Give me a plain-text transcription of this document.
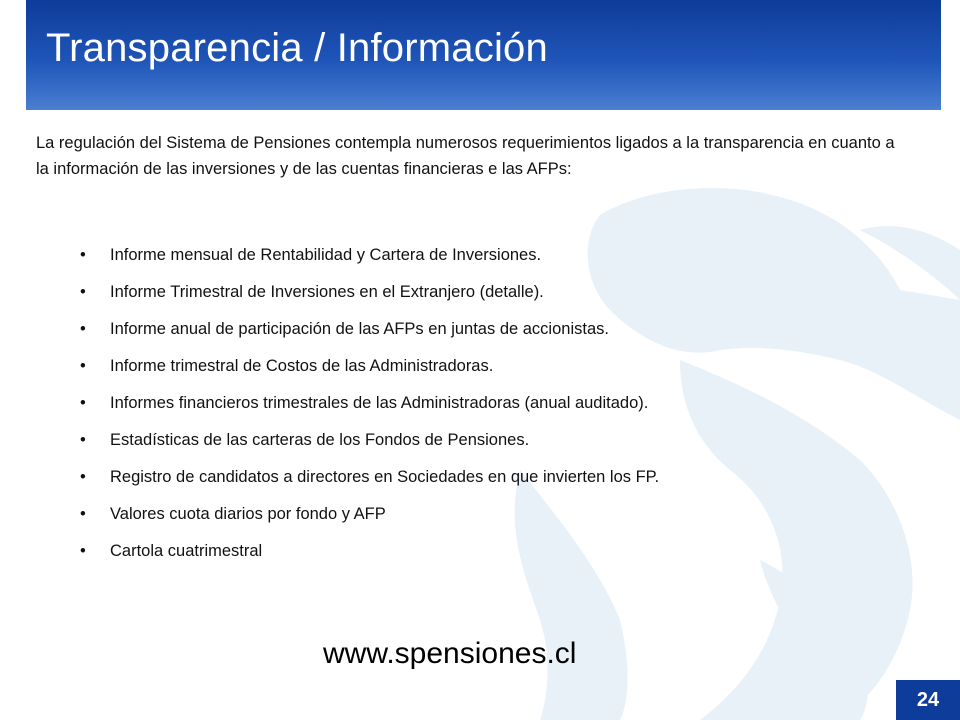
Transparencia / Información
La regulación del Sistema de Pensiones contempla numerosos requerimientos ligados a la transparencia en cuanto a la información de las inversiones y de las cuentas financieras e las AFPs:
• Informe mensual de Rentabilidad y Cartera de Inversiones.
• Informe Trimestral de Inversiones en el Extranjero (detalle).
• Informe anual de participación de las AFPs en juntas de accionistas.
• Informe trimestral de Costos de las Administradoras.
• Informes financieros trimestrales de las Administradoras (anual auditado).
• Estadísticas de las carteras de los Fondos de Pensiones.
• Registro de candidatos a directores en Sociedades en que invierten los FP.
• Valores cuota diarios por fondo y AFP
• Cartola cuatrimestral
www.spensiones.cl
24
